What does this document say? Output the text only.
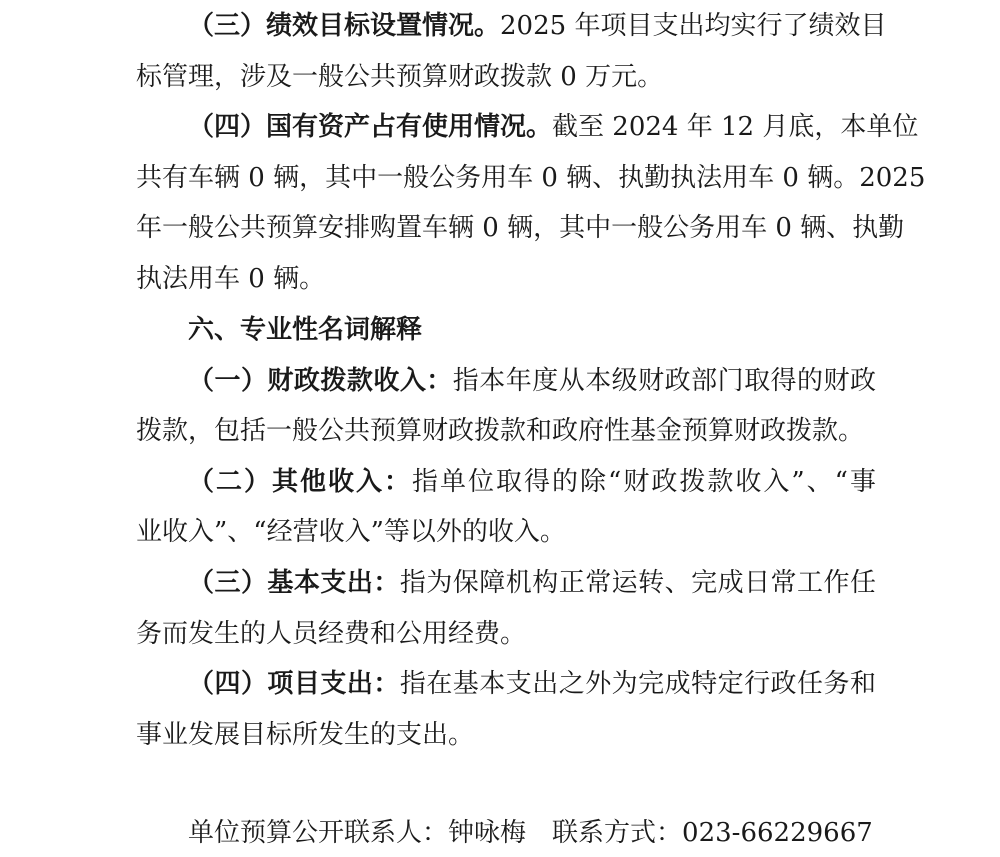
（三）绩效目标设置情况。2025 年项目支出均实行了绩效目
标管理，涉及一般公共预算财政拨款 0 万元。
（四）国有资产占有使用情况。截至 2024 年 12 月底，本单位
共有车辆 0 辆，其中一般公务用车 0 辆、执勤执法用车 0 辆。2025
年一般公共预算安排购置车辆 0 辆，其中一般公务用车 0 辆、执勤
执法用车 0 辆。
六、专业性名词解释
（一）财政拨款收入：指本年度从本级财政部门取得的财政
拨款，包括一般公共预算财政拨款和政府性基金预算财政拨款。
（二）其他收入：指单位取得的除“财政拨款收入”、“事
业收入”、“经营收入”等以外的收入。
（三）基本支出：指为保障机构正常运转、完成日常工作任
务而发生的人员经费和公用经费。
（四）项目支出：指在基本支出之外为完成特定行政任务和
事业发展目标所发生的支出。
单位预算公开联系人：钟咏梅 联系方式：023-66229667
